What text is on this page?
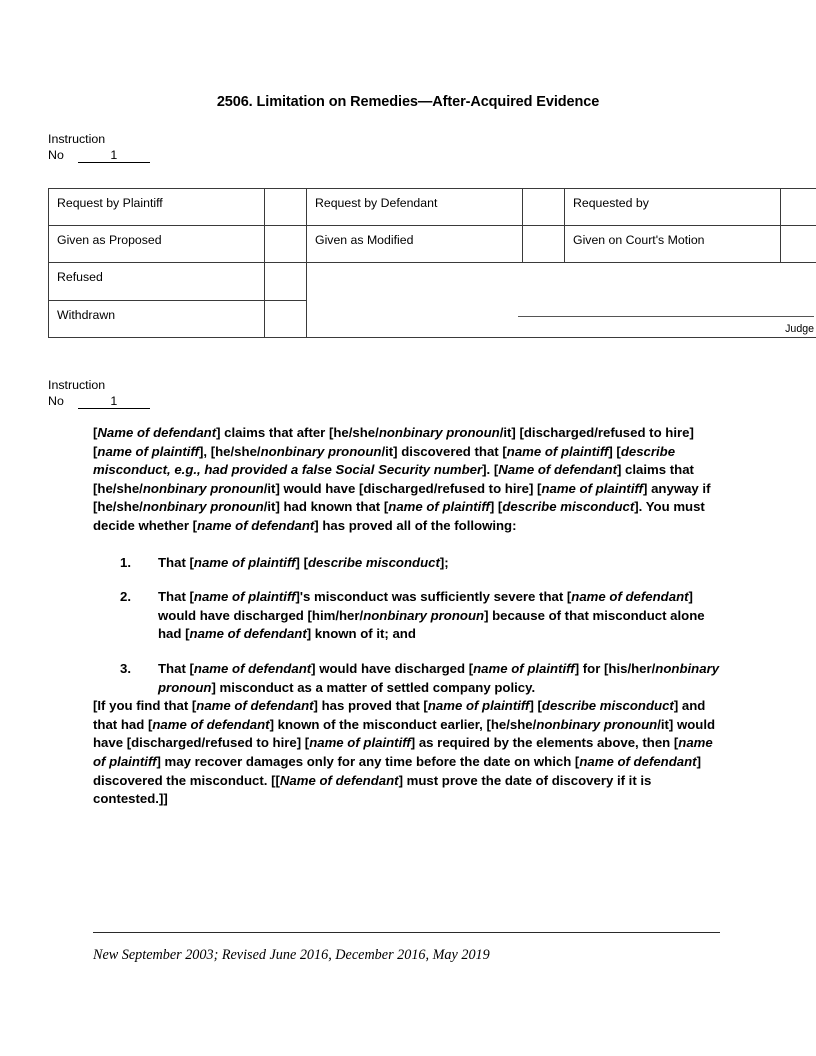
2506. Limitation on Remedies—After-Acquired Evidence
Instruction
No	1
Request by Plaintiff		Request by Defendant		Requested by	
Given as Proposed		Given as Modified		Given on Court's Motion	
Refused		Judge			

Withdrawn					
Instruction
No	1

[Name of defendant] claims that after [he/she/nonbinary pronoun/it] [discharged/refused to hire] [name of plaintiff], [he/she/nonbinary pronoun/it] discovered that [name of plaintiff] [describe misconduct, e.g., had provided a false Social Security number]. [Name of defendant] claims that [he/she/nonbinary pronoun/it] would have [discharged/refused to hire] [name of plaintiff] anyway if [he/she/nonbinary pronoun/it] had known that [name of plaintiff] [describe misconduct]. You must decide whether [name of defendant] has proved all of the following:

1. That [name of plaintiff] [describe misconduct];
2. That [name of plaintiff]'s misconduct was sufficiently severe that [name of defendant] would have discharged [him/her/nonbinary pronoun] because of that misconduct alone had [name of defendant] known of it; and
3. That [name of defendant] would have discharged [name of plaintiff] for [his/her/nonbinary pronoun] misconduct as a matter of settled company policy.

[If you find that [name of defendant] has proved that [name of plaintiff] [describe misconduct] and that had [name of defendant] known of the misconduct earlier, [he/she/nonbinary pronoun/it] would have [discharged/refused to hire] [name of plaintiff] as required by the elements above, then [name of plaintiff] may recover damages only for any time before the date on which [name of defendant] discovered the misconduct. [[Name of defendant] must prove the date of discovery if it is contested.]]

New September 2003; Revised June 2016, December 2016, May 2019
